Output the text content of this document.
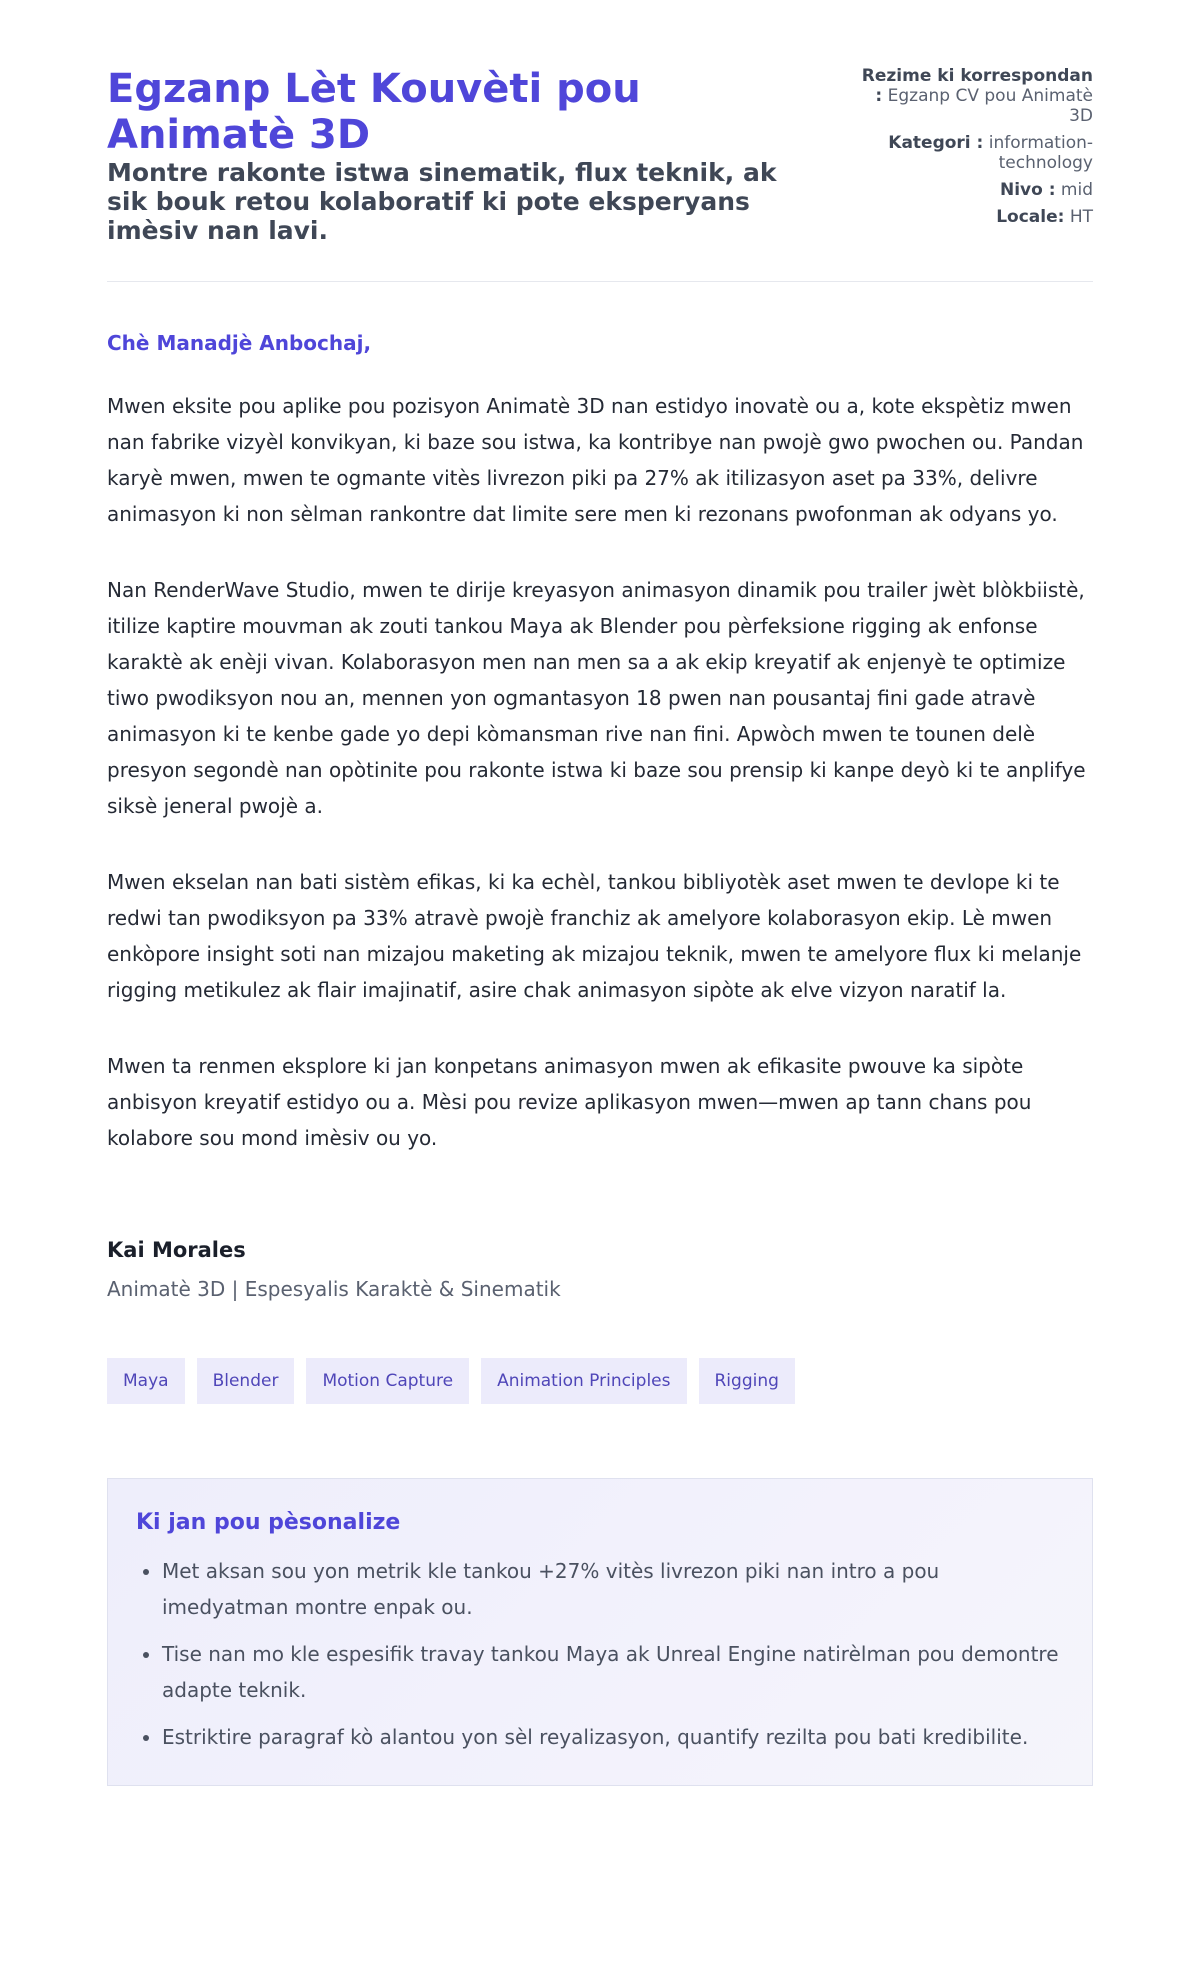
Egzanp Lèt Kouvèti pou Animatè 3D
Montre rakonte istwa sinematik, flux teknik, ak sik bouk retou kolaboratif ki pote eksperyans imèsiv nan lavi.
Rezime ki korrespondan : Egzanp CV pou Animatè 3D
Kategori : information-technology
Nivo : mid
Locale: HT
Chè Manadjè Anbochaj,

Mwen eksite pou aplike pou pozisyon Animatè 3D nan estidyo inovatè ou a, kote ekspètiz mwen nan fabrike vizyèl konvikyan, ki baze sou istwa, ka kontribye nan pwojè gwo pwochen ou. Pandan karyè mwen, mwen te ogmante vitès livrezon piki pa 27% ak itilizasyon aset pa 33%, delivre animasyon ki non sèlman rankontre dat limite sere men ki rezonans pwofonman ak odyans yo.

Nan RenderWave Studio, mwen te dirije kreyasyon animasyon dinamik pou trailer jwèt blòkbiistè, itilize kaptire mouvman ak zouti tankou Maya ak Blender pou pèrfeksione rigging ak enfonse karaktè ak enèji vivan. Kolaborasyon men nan men sa a ak ekip kreyatif ak enjenyè te optimize tiwo pwodiksyon nou an, mennen yon ogmantasyon 18 pwen nan pousantaj fini gade atravè animasyon ki te kenbe gade yo depi kòmansman rive nan fini. Apwòch mwen te tounen delè presyon segondè nan opòtinite pou rakonte istwa ki baze sou prensip ki kanpe deyò ki te anplifye siksè jeneral pwojè a.

Mwen ekselan nan bati sistèm efikas, ki ka echèl, tankou bibliyotèk aset mwen te devlope ki te redwi tan pwodiksyon pa 33% atravè pwojè franchiz ak amelyore kolaborasyon ekip. Lè mwen enkòpore insight soti nan mizajou maketing ak mizajou teknik, mwen te amelyore flux ki melanje rigging metikulez ak flair imajinatif, asire chak animasyon sipòte ak elve vizyon naratif la.

Mwen ta renmen eksplore ki jan konpetans animasyon mwen ak efikasite pwouve ka sipòte anbisyon kreyatif estidyo ou a. Mèsi pou revize aplikasyon mwen—mwen ap tann chans pou kolabore sou mond imèsiv ou yo.

Kai Morales
Animatè 3D | Espesyalis Karaktè & Sinematik
Maya	Blender	Motion Capture	Animation Principles	Rigging
Ki jan pou pèsonalize
• Met aksan sou yon metrik kle tankou +27% vitès livrezon piki nan intro a pou imedyatman montre enpak ou.
• Tise nan mo kle espesifik travay tankou Maya ak Unreal Engine natirèlman pou demontre adapte teknik.
• Estriktire paragraf kò alantou yon sèl reyalizasyon, quantify rezilta pou bati kredibilite.
